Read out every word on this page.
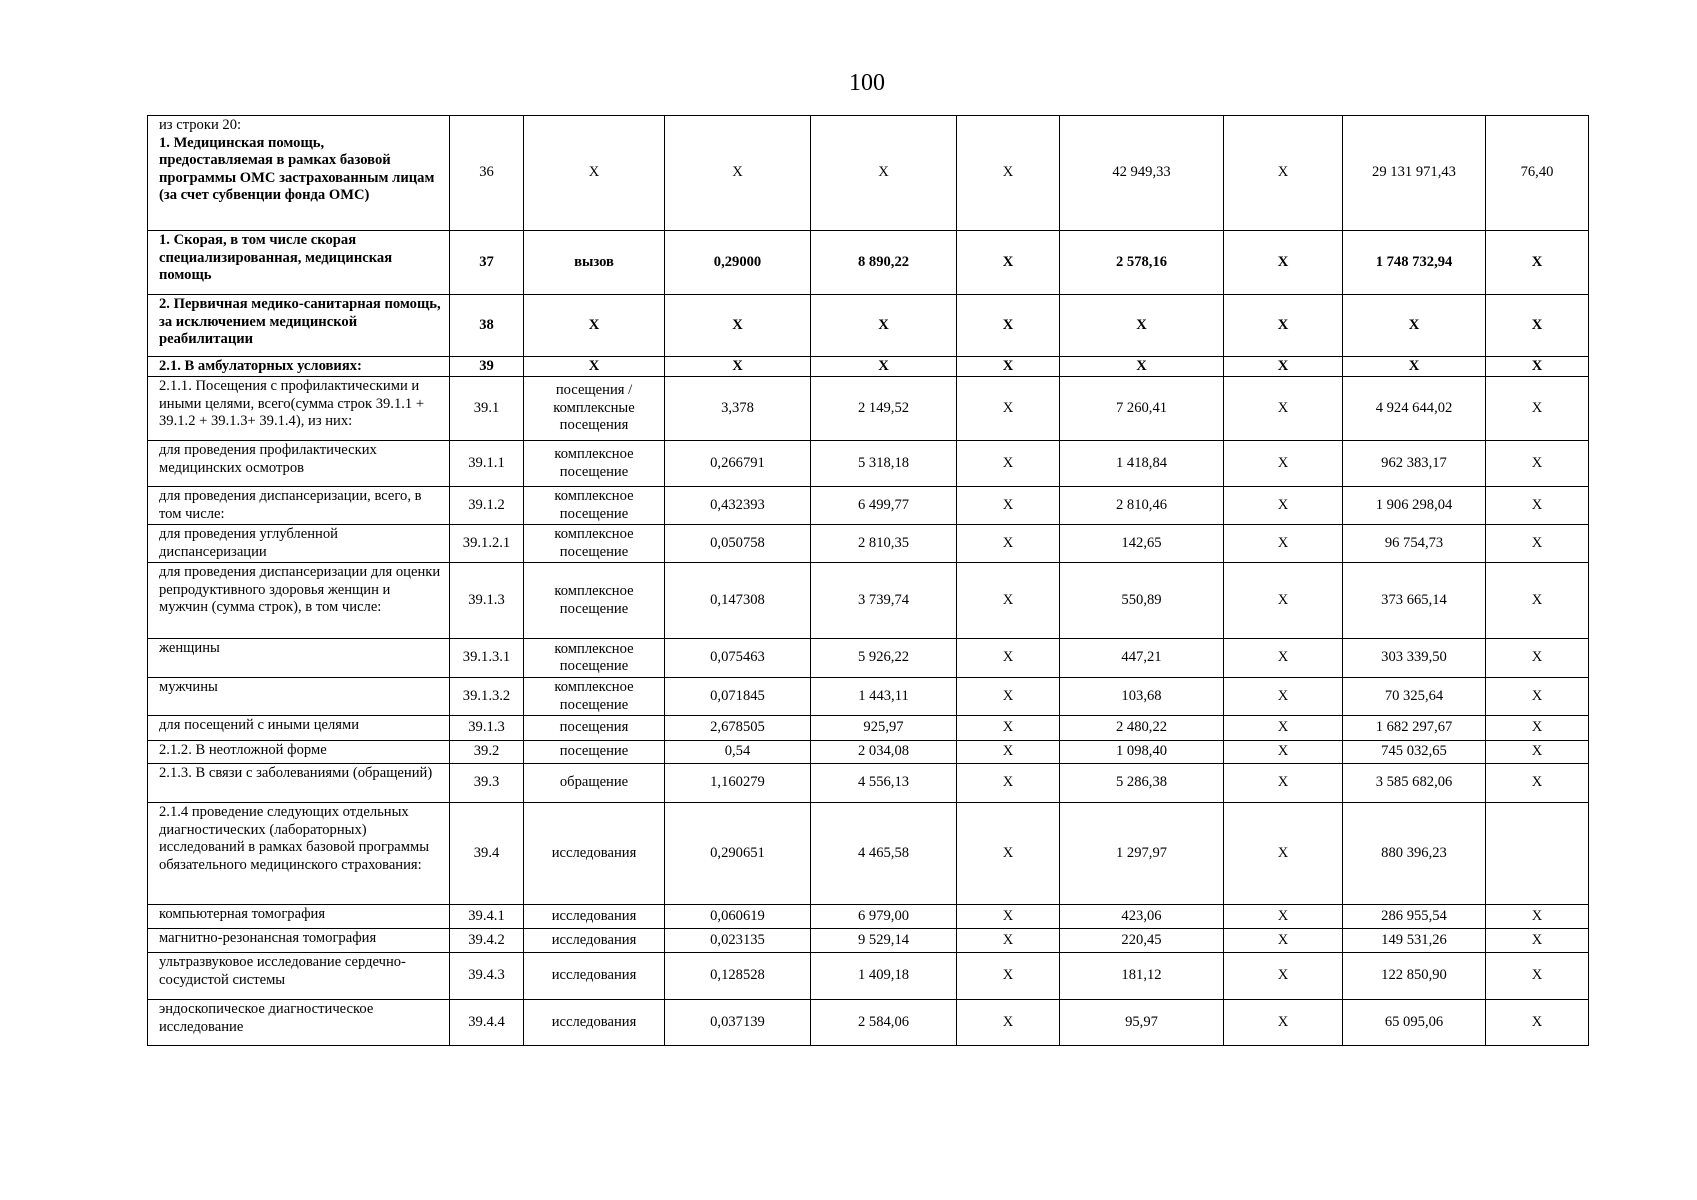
100
из строки 20:
1. Медицинская помощь, предоставляемая в рамках базовой программы ОМС застрахованным лицам (за счет субвенции фонда ОМС)	36	Х	Х	Х	Х	42 949,33	Х	29 131 971,43	76,40
1. Скорая, в том числе скорая специализированная, медицинская помощь	37	вызов	0,29000	8 890,22	Х	2 578,16	Х	1 748 732,94	Х
2. Первичная медико-санитарная помощь, за исключением медицинской реабилитации	38	Х	Х	Х	Х	Х	Х	Х	Х
2.1. В амбулаторных условиях:	39	Х	Х	Х	Х	Х	Х	Х	Х
2.1.1. Посещения с профилактическими и иными целями, всего(сумма строк 39.1.1 + 39.1.2 + 39.1.3+ 39.1.4), из них:	39.1	посещения / комплексные посещения	3,378	2 149,52	Х	7 260,41	Х	4 924 644,02	Х
для проведения профилактических медицинских осмотров	39.1.1	комплексное посещение	0,266791	5 318,18	Х	1 418,84	Х	962 383,17	Х
для проведения диспансеризации, всего, в том числе:	39.1.2	комплексное посещение	0,432393	6 499,77	Х	2 810,46	Х	1 906 298,04	Х
для проведения углубленной диспансеризации	39.1.2.1	комплексное посещение	0,050758	2 810,35	Х	142,65	Х	96 754,73	Х
для проведения диспансеризации для оценки репродуктивного здоровья женщин и мужчин (сумма строк), в том числе:	39.1.3	комплексное посещение	0,147308	3 739,74	Х	550,89	Х	373 665,14	Х
женщины	39.1.3.1	комплексное посещение	0,075463	5 926,22	Х	447,21	Х	303 339,50	Х
мужчины	39.1.3.2	комплексное посещение	0,071845	1 443,11	Х	103,68	Х	70 325,64	Х
для посещений с иными целями	39.1.3	посещения	2,678505	925,97	Х	2 480,22	Х	1 682 297,67	Х
2.1.2. В неотложной форме	39.2	посещение	0,54	2 034,08	Х	1 098,40	Х	745 032,65	Х
2.1.3. В связи с заболеваниями (обращений)	39.3	обращение	1,160279	4 556,13	Х	5 286,38	Х	3 585 682,06	Х
2.1.4 проведение следующих отдельных диагностических (лабораторных) исследований в рамках базовой программы обязательного медицинского страхования:	39.4	исследования	0,290651	4 465,58	Х	1 297,97	Х	880 396,23	
компьютерная томография	39.4.1	исследования	0,060619	6 979,00	Х	423,06	Х	286 955,54	Х
магнитно-резонансная томография	39.4.2	исследования	0,023135	9 529,14	Х	220,45	Х	149 531,26	Х
ультразвуковое исследование сердечно-сосудистой системы	39.4.3	исследования	0,128528	1 409,18	Х	181,12	Х	122 850,90	Х
эндоскопическое диагностическое исследование	39.4.4	исследования	0,037139	2 584,06	Х	95,97	Х	65 095,06	Х
